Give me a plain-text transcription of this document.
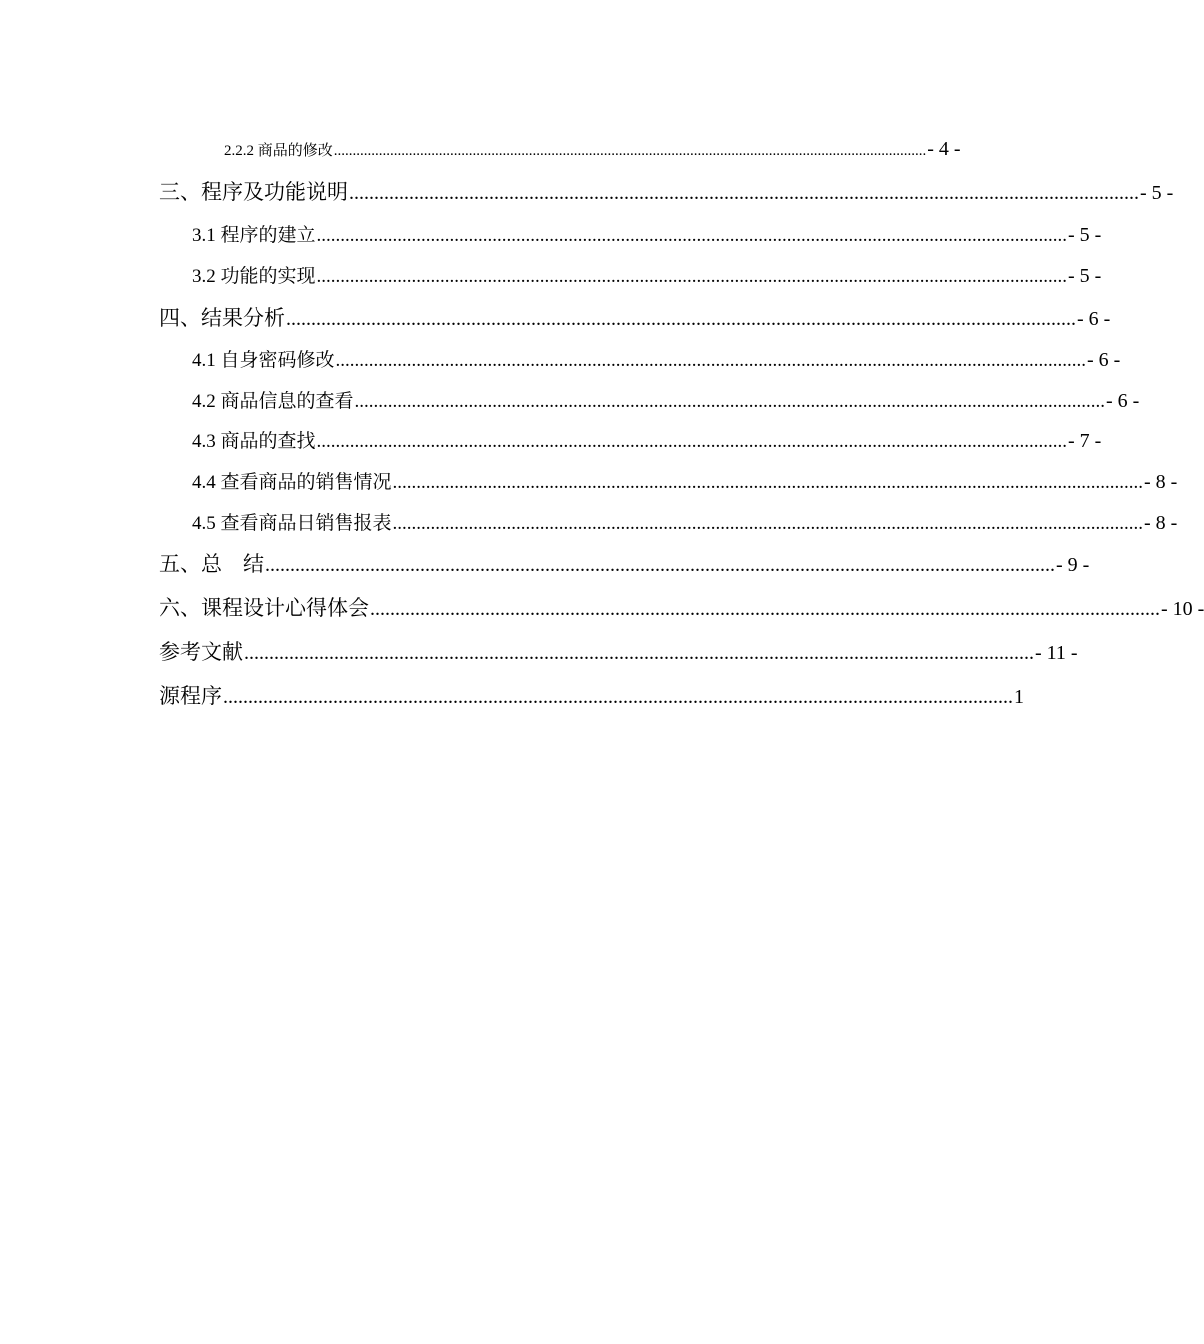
2.2.2 商品的修改 .............................................................................................................................................................. - 4 -
三、程序及功能说明 .............................................................................................................................................................. - 5 -
3.1 程序的建立 .............................................................................................................................................................. - 5 -
3.2 功能的实现 .............................................................................................................................................................. - 5 -
四、结果分析 .............................................................................................................................................................. - 6 -
4.1 自身密码修改 .............................................................................................................................................................. - 6 -
4.2 商品信息的查看 .............................................................................................................................................................. - 6 -
4.3 商品的查找 .............................................................................................................................................................. - 7 -
4.4 查看商品的销售情况 .............................................................................................................................................................. - 8 -
4.5 查看商品日销售报表 .............................................................................................................................................................. - 8 -
五、总　结 .............................................................................................................................................................. - 9 -
六、课程设计心得体会 .............................................................................................................................................................. - 10 -
参考文献 .............................................................................................................................................................. - 11 -
源程序 .............................................................................................................................................................. 1
